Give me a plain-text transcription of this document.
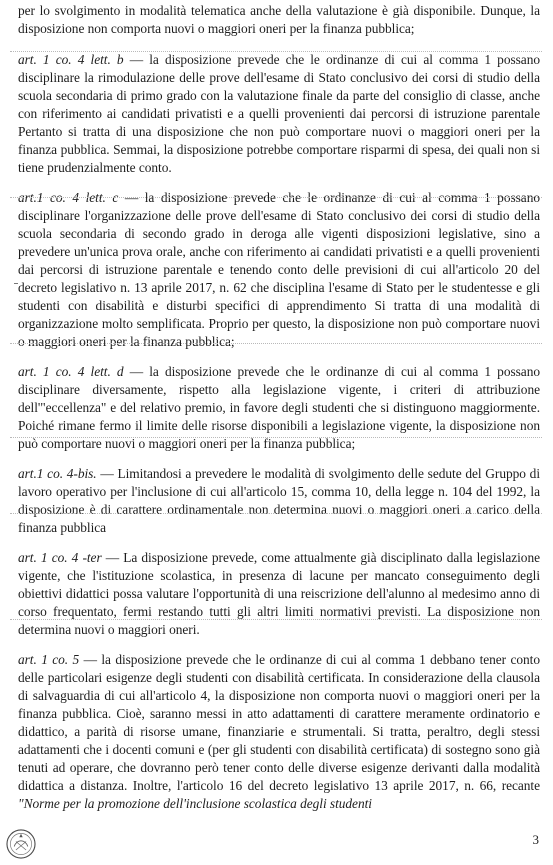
per lo svolgimento in modalità telematica anche della valutazione è già disponibile. Dunque, la disposizione non comporta nuovi o maggiori oneri per la finanza pubblica;

art. 1 co. 4 lett. b — la disposizione prevede che le ordinanze di cui al comma 1 possano disciplinare la rimodulazione delle prove dell'esame di Stato conclusivo dei corsi di studio della scuola secondaria di primo grado con la valutazione finale da parte del consiglio di classe, anche con riferimento ai candidati privatisti e a quelli provenienti dai percorsi di istruzione parentale Pertanto si tratta di una disposizione che non può comportare nuovi o maggiori oneri per la finanza pubblica. Semmai, la disposizione potrebbe comportare risparmi di spesa, dei quali non si tiene prudenzialmente conto.

art.1 co. 4 lett. c — la disposizione prevede che le ordinanze di cui al comma 1 possano disciplinare l'organizzazione delle prove dell'esame di Stato conclusivo dei corsi di studio della scuola secondaria di secondo grado in deroga alle vigenti disposizioni legislative, sino a prevedere un'unica prova orale, anche con riferimento ai candidati privatisti e a quelli provenienti dai percorsi di istruzione parentale e tenendo conto delle previsioni di cui all'articolo 20 del decreto legislativo n. 13 aprile 2017, n. 62 che disciplina l'esame di Stato per le studentesse e gli studenti con disabilità e disturbi specifici di apprendimento Si tratta di una modalità di organizzazione molto semplificata. Proprio per questo, la disposizione non può comportare nuovi o maggiori oneri per la finanza pubblica;

art. 1 co. 4 lett. d — la disposizione prevede che le ordinanze di cui al comma 1 possano disciplinare diversamente, rispetto alla legislazione vigente, i criteri di attribuzione dell'"eccellenza" e del relativo premio, in favore degli studenti che si distinguono maggiormente. Poiché rimane fermo il limite delle risorse disponibili a legislazione vigente, la disposizione non può comportare nuovi o maggiori oneri per la finanza pubblica;

art.1 co. 4-bis. — Limitandosi a prevedere le modalità di svolgimento delle sedute del Gruppo di lavoro operativo per l'inclusione di cui all'articolo 15, comma 10, della legge n. 104 del 1992, la disposizione è di carattere ordinamentale non determina nuovi o maggiori oneri a carico della finanza pubblica

art. 1 co. 4 -ter — La disposizione prevede, come attualmente già disciplinato dalla legislazione vigente, che l'istituzione scolastica, in presenza di lacune per mancato conseguimento degli obiettivi didattici possa valutare l'opportunità di una reiscrizione dell'alunno al medesimo anno di corso frequentato, fermi restando tutti gli altri limiti normativi previsti. La disposizione non determina nuovi o maggiori oneri.

art. 1 co. 5 — la disposizione prevede che le ordinanze di cui al comma 1 debbano tener conto delle particolari esigenze degli studenti con disabilità certificata. In considerazione della clausola di salvaguardia di cui all'articolo 4, la disposizione non comporta nuovi o maggiori oneri per la finanza pubblica. Cioè, saranno messi in atto adattamenti di carattere meramente ordinatorio e didattico, a parità di risorse umane, finanziarie e strumentali. Si tratta, peraltro, degli stessi adattamenti che i docenti comuni e (per gli studenti con disabilità certificata) di sostegno sono già tenuti ad operare, che dovranno però tener conto delle diverse esigenze derivanti dalla modalità didattica a distanza. Inoltre, l'articolo 16 del decreto legislativo 13 aprile 2017, n. 66, recante "Norme per la promozione dell'inclusione scolastica degli studenti

3
